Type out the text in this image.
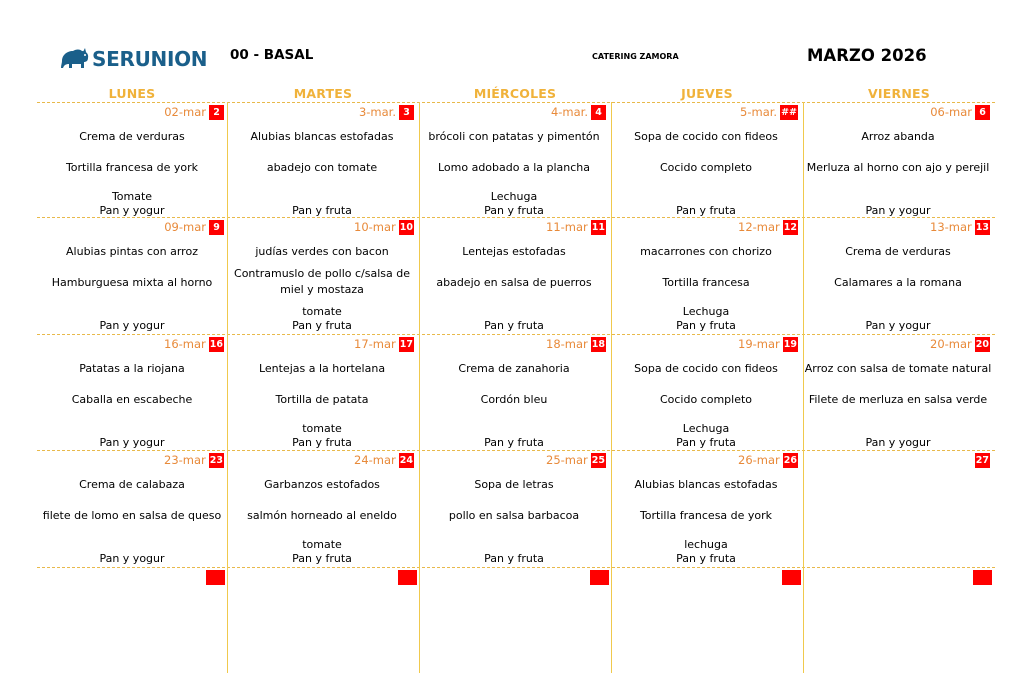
SERUNION 00 - BASAL	CATERING ZAMORA	MARZO 2026
LUNES	MARTES	MIÉRCOLES	JUEVES	VIERNES
02-mar 2
Crema de verduras
Tortilla francesa de york
Tomate
Pan y yogur
3-mar. 3
Alubias blancas estofadas
abadejo con tomate
Pan y fruta
4-mar. 4
brócoli con patatas y pimentón
Lomo adobado a la plancha
Lechuga
Pan y fruta
5-mar. ##
Sopa de cocido con fideos
Cocido completo
Pan y fruta
06-mar 6
Arroz abanda
Merluza al horno con ajo y perejil
Pan y yogur
09-mar 9
Alubias pintas con arroz
Hamburguesa mixta al horno
Pan y yogur
10-mar 10
judías verdes con bacon
Contramuslo de pollo c/salsa de miel y mostaza
tomate
Pan y fruta
11-mar 11
Lentejas estofadas
abadejo en salsa de puerros
Pan y fruta
12-mar 12
macarrones con chorizo
Tortilla francesa
Lechuga
Pan y fruta
13-mar 13
Crema de verduras
Calamares a la romana
Pan y yogur
16-mar 16
Patatas a la riojana
Caballa en escabeche
Pan y yogur
17-mar 17
Lentejas a la hortelana
Tortilla de patata
tomate
Pan y fruta
18-mar 18
Crema de zanahoria
Cordón bleu
Pan y fruta
19-mar 19
Sopa de cocido con fideos
Cocido completo
Lechuga
Pan y fruta
20-mar 20
Arroz con salsa de tomate natural
Filete de merluza en salsa verde
Pan y yogur
23-mar 23
Crema de calabaza
filete de lomo en salsa de queso
Pan y yogur
24-mar 24
Garbanzos estofados
salmón horneado al eneldo
tomate
Pan y fruta
25-mar 25
Sopa de letras
pollo en salsa barbacoa
Pan y fruta
26-mar 26
Alubias blancas estofadas
Tortilla francesa de york
lechuga
Pan y fruta
27
